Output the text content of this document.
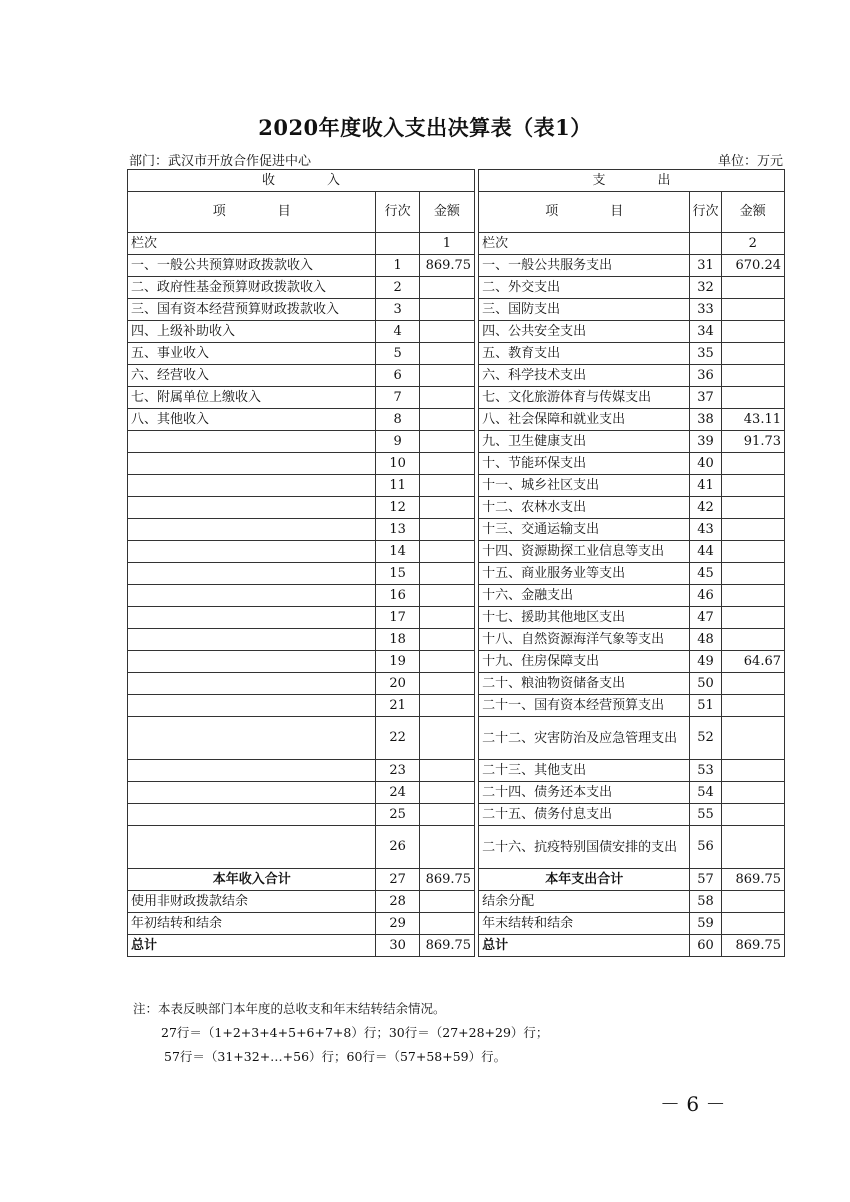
2020年度收入支出决算表（表1）
部门：武汉市开放合作促进中心	单位：万元
收　　　　入				支　　　　出		
项　　　　目	行次	金额		项　　　　目	行次	金额
栏次		1		栏次		2
一、一般公共预算财政拨款收入	1	869.75		一、一般公共服务支出	31	670.24
二、政府性基金预算财政拨款收入	2			二、外交支出	32	
三、国有资本经营预算财政拨款收入	3			三、国防支出	33	
四、上级补助收入	4			四、公共安全支出	34	
五、事业收入	5			五、教育支出	35	
六、经营收入	6			六、科学技术支出	36	
七、附属单位上缴收入	7			七、文化旅游体育与传媒支出	37	
八、其他收入	8			八、社会保障和就业支出	38	43.11
	9			九、卫生健康支出	39	91.73
	10			十、节能环保支出	40	
	11			十一、城乡社区支出	41	
	12			十二、农林水支出	42	
	13			十三、交通运输支出	43	
	14			十四、资源勘探工业信息等支出	44	
	15			十五、商业服务业等支出	45	
	16			十六、金融支出	46	
	17			十七、援助其他地区支出	47	
	18			十八、自然资源海洋气象等支出	48	
	19			十九、住房保障支出	49	64.67
	20			二十、粮油物资储备支出	50	
	21			二十一、国有资本经营预算支出	51	
	22			二十二、灾害防治及应急管理支出	52	
	23			二十三、其他支出	53	
	24			二十四、债务还本支出	54	
	25			二十五、债务付息支出	55	
	26			二十六、抗疫特别国债安排的支出	56	
本年收入合计	27	869.75		本年支出合计	57	869.75
使用非财政拨款结余	28			结余分配	58	
年初结转和结余	29			年末结转和结余	59	
总计	30	869.75		总计	60	869.75
注：本表反映部门本年度的总收支和年末结转结余情况。
27行＝（1+2+3+4+5+6+7+8）行；30行＝（27+28+29）行；
57行＝（31+32+…+56）行；60行＝（57+58+59）行。
－ 6 －
